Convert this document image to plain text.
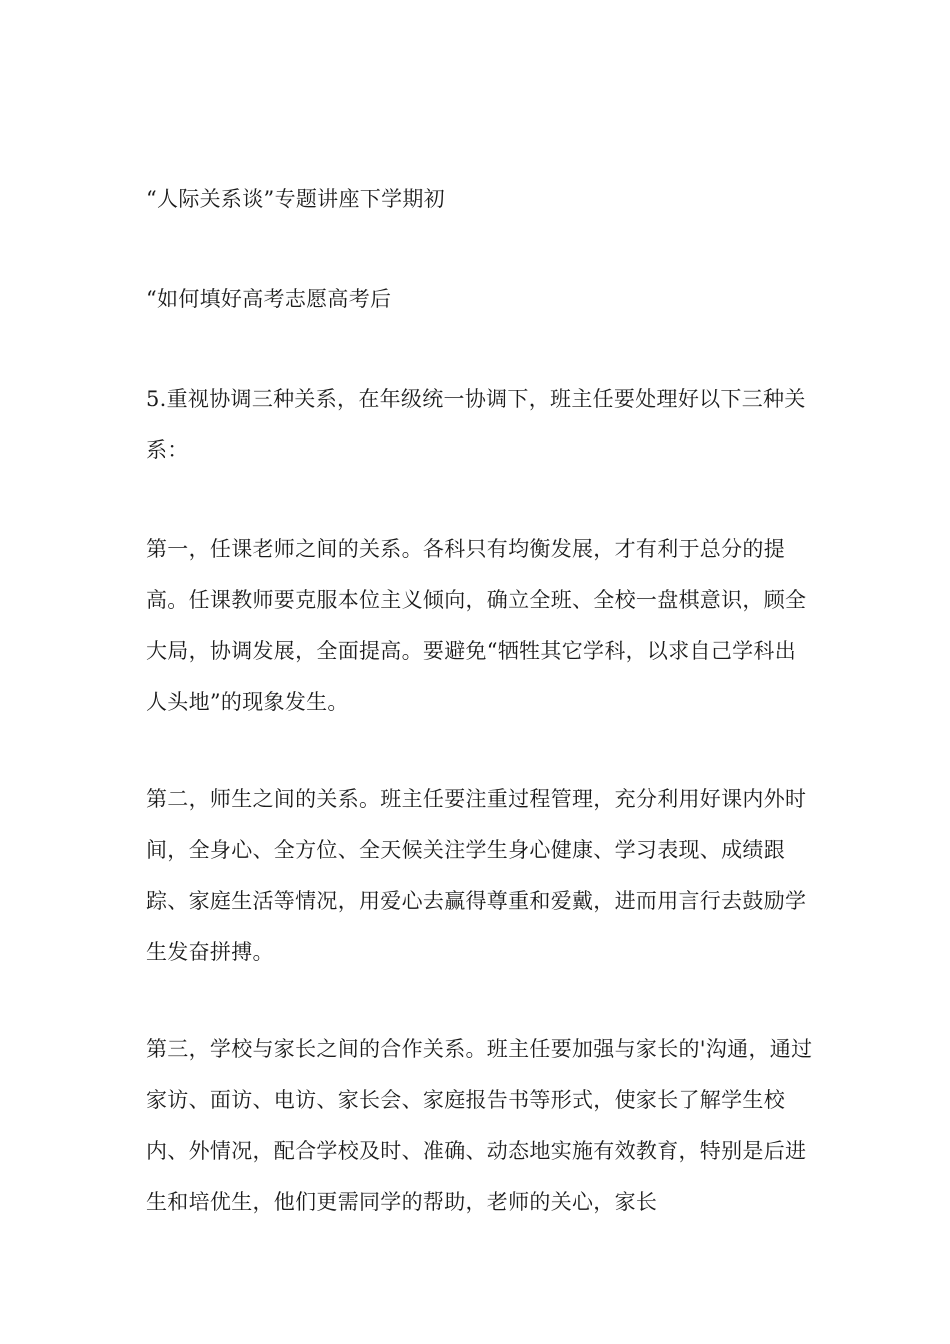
“人际关系谈”专题讲座下学期初

“如何填好高考志愿高考后

5.重视协调三种关系，在年级统一协调下，班主任要处理好以下三种关系：

第一，任课老师之间的关系。各科只有均衡发展，才有利于总分的提高。任课教师要克服本位主义倾向，确立全班、全校一盘棋意识，顾全大局，协调发展，全面提高。要避免“牺牲其它学科，以求自己学科出人头地”的现象发生。

第二，师生之间的关系。班主任要注重过程管理，充分利用好课内外时间，全身心、全方位、全天候关注学生身心健康、学习表现、成绩跟踪、家庭生活等情况，用爱心去赢得尊重和爱戴，进而用言行去鼓励学生发奋拼搏。

第三，学校与家长之间的合作关系。班主任要加强与家长的'沟通，通过家访、面访、电访、家长会、家庭报告书等形式，使家长了解学生校内、外情况，配合学校及时、准确、动态地实施有效教育，特别是后进生和培优生，他们更需同学的帮助，老师的关心，家长
